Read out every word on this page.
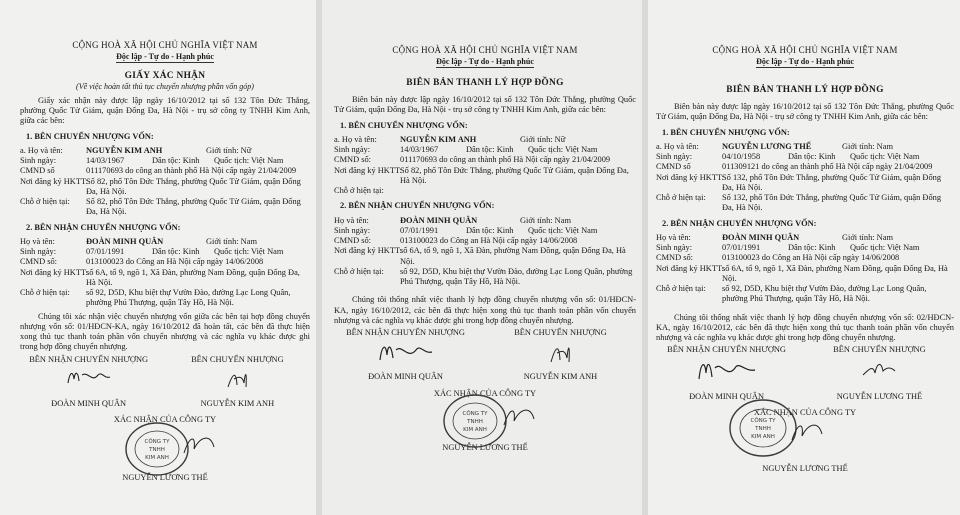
CỘNG HOÀ XÃ HỘI CHỦ NGHĨA VIỆT NAM
Độc lập - Tự do - Hạnh phúc
GIẤY XÁC NHẬN
(Về việc hoàn tất thủ tục chuyển nhượng phần vốn góp)
Giấy xác nhận này được lập ngày 16/10/2012 tại số 132 Tôn Đức Thắng, phường Quốc Tử Giám, quận Đống Đa, Hà Nội - trụ sở công ty TNHH Kim Anh, giữa các bên:
1. BÊN CHUYỂN NHƯỢNG VỐN:
a. Họ và tên:	NGUYỄN KIM ANH	Giới tính: Nữ
Sinh ngày:	14/03/1967	Dân tộc: Kinh	Quốc tịch: Việt Nam
CMND số	011170693 do công an thành phố Hà Nội cấp ngày 21/04/2009
Nơi đăng ký HKTT:
Số 82, phố Tôn Đức Thắng, phường Quốc Tử Giám, quận Đống Đa, Hà Nội.
Chỗ ở hiện tại:	Số 82, phố Tôn Đức Thắng, phường Quốc Tử Giám, quận Đống Đa, Hà Nội.
2. BÊN NHẬN CHUYỂN NHƯỢNG VỐN:
Họ và tên:	ĐOÀN MINH QUÂN	Giới tính: Nam
Sinh ngày:	07/01/1991	Dân tộc: Kinh	Quốc tịch: Việt Nam
CMND số:	013100023 do Công an Hà Nội cấp ngày 14/06/2008
Nơi đăng ký HKTT:
số 6A, tổ 9, ngõ 1, Xã Đàn, phường Nam Đồng, quận Đống Đa, Hà Nội.
Chỗ ở hiện tại:	số 92, D5D, Khu biệt thự Vườn Đào, đường Lạc Long Quân, phường Phú Thượng, quận Tây Hồ, Hà Nội.
Chúng tôi xác nhận việc chuyển nhượng vốn giữa các bên tại hợp đồng chuyển nhượng vốn số: 01/HĐCN-KA, ngày 16/10/2012 đã hoàn tất, các bên đã thực hiện xong thủ tục thanh toán phần vốn chuyển nhượng và các nghĩa vụ khác được ghi trong hợp đồng chuyển nhượng.
BÊN NHẬN CHUYỂN NHƯỢNG
ĐOÀN MINH QUÂN
BÊN CHUYỂN NHƯỢNG
NGUYỄN KIM ANH
XÁC NHẬN CỦA CÔNG TY
CÔNG TY
TNHH
KIM ANH
NGUYỄN LƯƠNG THẾ
CỘNG HOÀ XÃ HỘI CHỦ NGHĨA VIỆT NAM
Độc lập - Tự do - Hạnh phúc
BIÊN BẢN THANH LÝ HỢP ĐỒNG
Biên bản này được lập ngày 16/10/2012 tại số 132 Tôn Đức Thắng, phường Quốc Tử Giám, quận Đống Đa, Hà Nội - trụ sở công ty TNHH Kim Anh, giữa các bên:
1. BÊN CHUYỂN NHƯỢNG VỐN:
a. Họ và tên:	NGUYỄN KIM ANH	Giới tính: Nữ
Sinh ngày:	14/03/1967	Dân tộc: Kinh	Quốc tịch: Việt Nam
CMND số:	011170693 do công an thành phố Hà Nội cấp ngày 21/04/2009
Nơi đăng ký HKTT:
Số 82, phố Tôn Đức Thắng, phường Quốc Tử Giám, quận Đống Đa, Hà Nội.
Chỗ ở hiện tại:
2. BÊN NHẬN CHUYỂN NHƯỢNG VỐN:
Họ và tên:	ĐOÀN MINH QUÂN	Giới tính: Nam
Sinh ngày:	07/01/1991	Dân tộc: Kinh	Quốc tịch: Việt Nam
CMND số:	013100023 do Công an Hà Nội cấp ngày 14/06/2008
Nơi đăng ký HKTT:
số 6A, tổ 9, ngõ 1, Xã Đàn, phường Nam Đồng, quận Đống Đa, Hà Nội.
Chỗ ở hiện tại:	số 92, D5D, Khu biệt thự Vườn Đào, đường Lạc Long Quân, phường Phú Thượng, quận Tây Hồ, Hà Nội.
Chúng tôi thống nhất việc thanh lý hợp đồng chuyển nhượng vốn số: 01/HĐCN-KA, ngày 16/10/2012, các bên đã thực hiện xong thủ tục thanh toán phần vốn chuyển nhượng và các nghĩa vụ khác được ghi trong hợp đồng chuyển nhượng.
BÊN NHẬN CHUYỂN NHƯỢNG
ĐOÀN MINH QUÂN
BÊN CHUYỂN NHƯỢNG
NGUYỄN KIM ANH
XÁC NHẬN CỦA CÔNG TY
CÔNG TY
TNHH
KIM ANH
NGUYỄN LƯƠNG THẾ
CỘNG HOÀ XÃ HỘI CHỦ NGHĨA VIỆT NAM
Độc lập - Tự do - Hạnh phúc
BIÊN BẢN THANH LÝ HỢP ĐỒNG
Biên bản này được lập ngày 16/10/2012 tại số 132 Tôn Đức Thắng, phường Quốc Tử Giám, quận Đống Đa, Hà Nội - trụ sở công ty TNHH Kim Anh, giữa các bên:
1. BÊN CHUYỂN NHƯỢNG VỐN:
a. Họ và tên:	NGUYỄN LƯƠNG THẾ	Giới tính: Nam
Sinh ngày:	04/10/1958	Dân tộc: Kinh	Quốc tịch: Việt Nam
CMND số	011309121 do công an thành phố Hà Nội cấp ngày 21/04/2009
Nơi đăng ký HKTT:
Số 132, phố Tôn Đức Thắng, phường Quốc Tử Giám, quận Đống Đa, Hà Nội.
Chỗ ở hiện tại:	Số 132, phố Tôn Đức Thắng, phường Quốc Tử Giám, quận Đống Đa, Hà Nội.
2. BÊN NHẬN CHUYỂN NHƯỢNG VỐN:
Họ và tên:	ĐOÀN MINH QUÂN	Giới tính: Nam
Sinh ngày:	07/01/1991	Dân tộc: Kinh	Quốc tịch: Việt Nam
CMND số:	013100023 do Công an Hà Nội cấp ngày 14/06/2008
Nơi đăng ký HKTT:
số 6A, tổ 9, ngõ 1, Xã Đàn, phường Nam Đồng, quận Đống Đa, Hà Nội.
Chỗ ở hiện tại:	số 92, D5D, Khu biệt thự Vườn Đào, đường Lạc Long Quân, phường Phú Thượng, quận Tây Hồ, Hà Nội.
Chúng tôi thống nhất việc thanh lý hợp đồng chuyển nhượng vốn số: 02/HĐCN-KA, ngày 16/10/2012, các bên đã thực hiện xong thủ tục thanh toán phần vốn chuyển nhượng và các nghĩa vụ khác được ghi trong hợp đồng chuyển nhượng.
BÊN NHẬN CHUYỂN NHƯỢNG
ĐOÀN MINH QUÂN
BÊN CHUYỂN NHƯỢNG
NGUYỄN LƯƠNG THẾ
XÁC NHẬN CỦA CÔNG TY
CÔNG TY
TNHH
KIM ANH
NGUYỄN LƯƠNG THẾ
